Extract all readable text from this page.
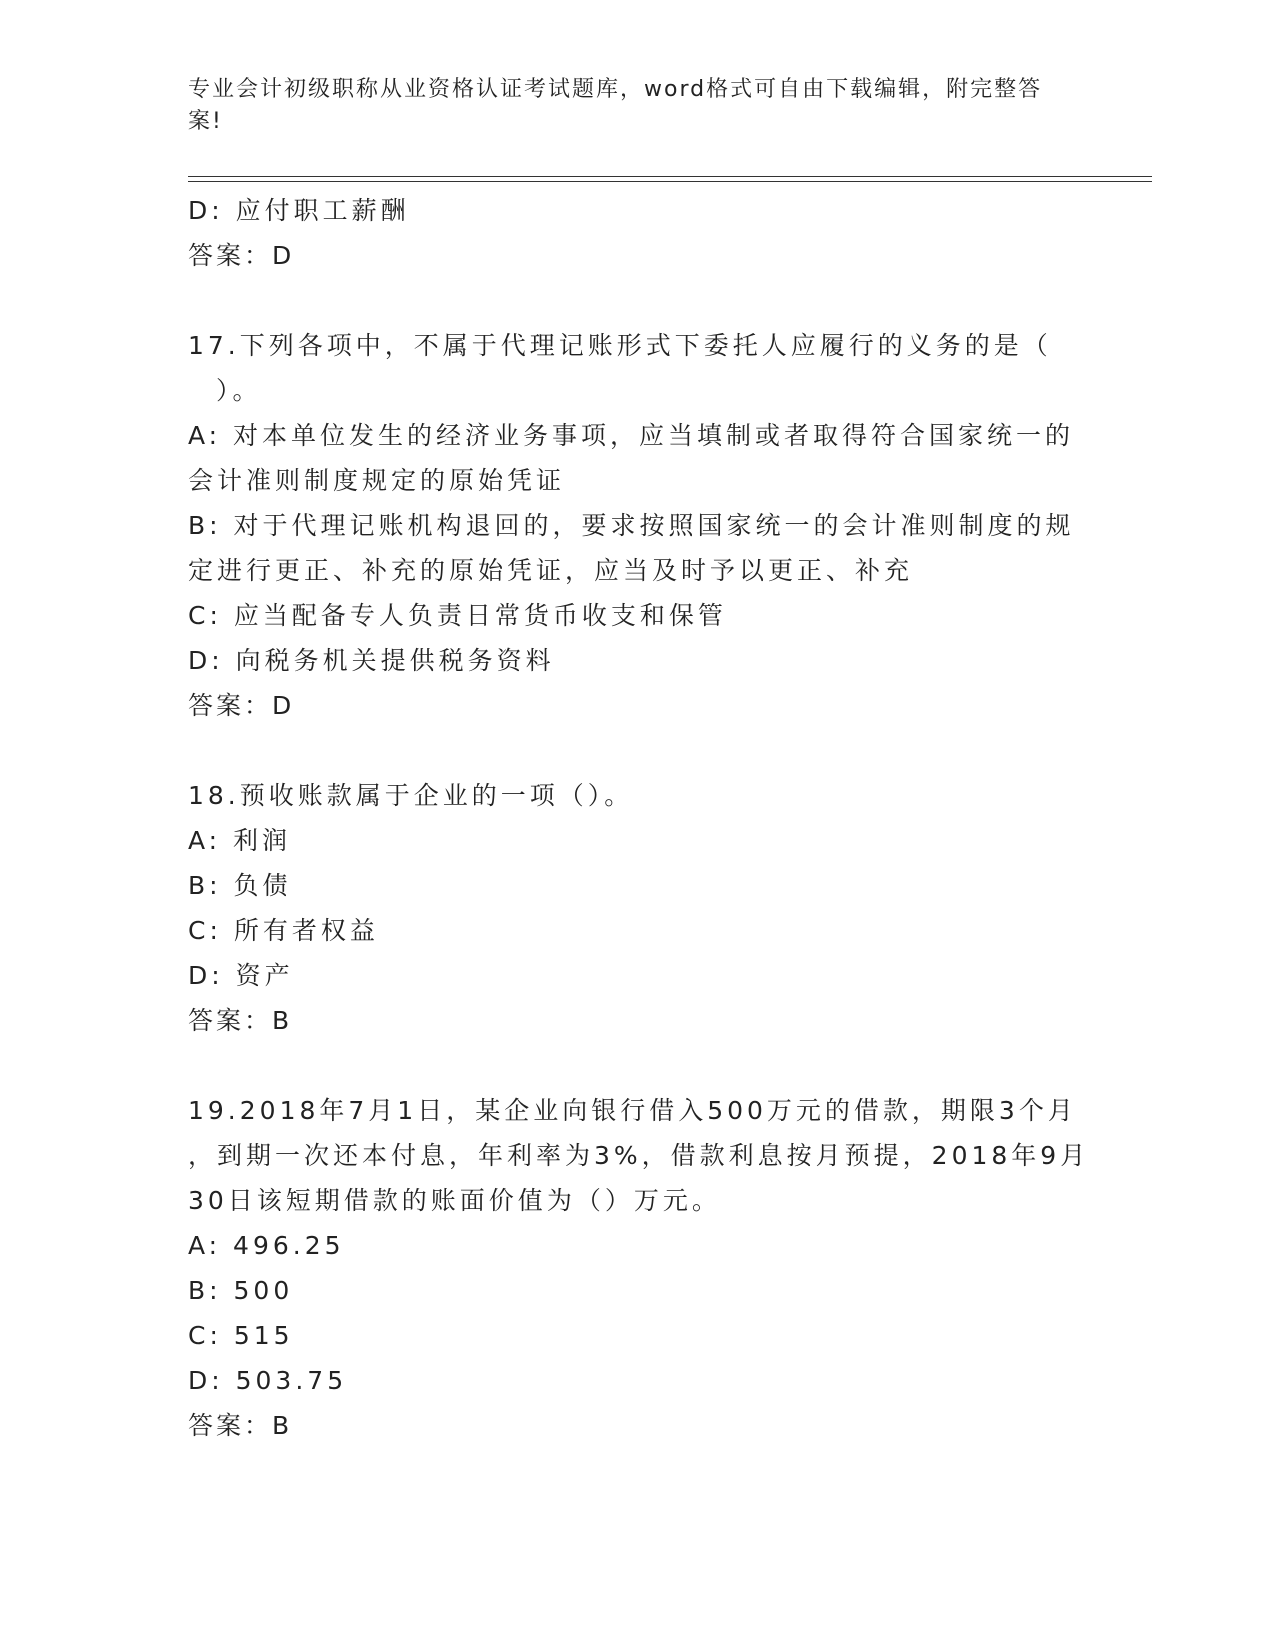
专业会计初级职称从业资格认证考试题库，word格式可自由下载编辑，附完整答
案!
D: 应付职工薪酬
答案：D
17.下列各项中，不属于代理记账形式下委托人应履行的义务的是（
）。
A: 对本单位发生的经济业务事项，应当填制或者取得符合国家统一的
会计准则制度规定的原始凭证
B: 对于代理记账机构退回的，要求按照国家统一的会计准则制度的规
定进行更正、补充的原始凭证，应当及时予以更正、补充
C: 应当配备专人负责日常货币收支和保管
D: 向税务机关提供税务资料
答案：D
18.预收账款属于企业的一项（）。
A: 利润
B: 负债
C: 所有者权益
D: 资产
答案：B
19.2018年7月1日，某企业向银行借入500万元的借款，期限3个月
，到期一次还本付息，年利率为3%，借款利息按月预提，2018年9月
30日该短期借款的账面价值为（）万元。
A: 496.25
B: 500
C: 515
D: 503.75
答案：B
